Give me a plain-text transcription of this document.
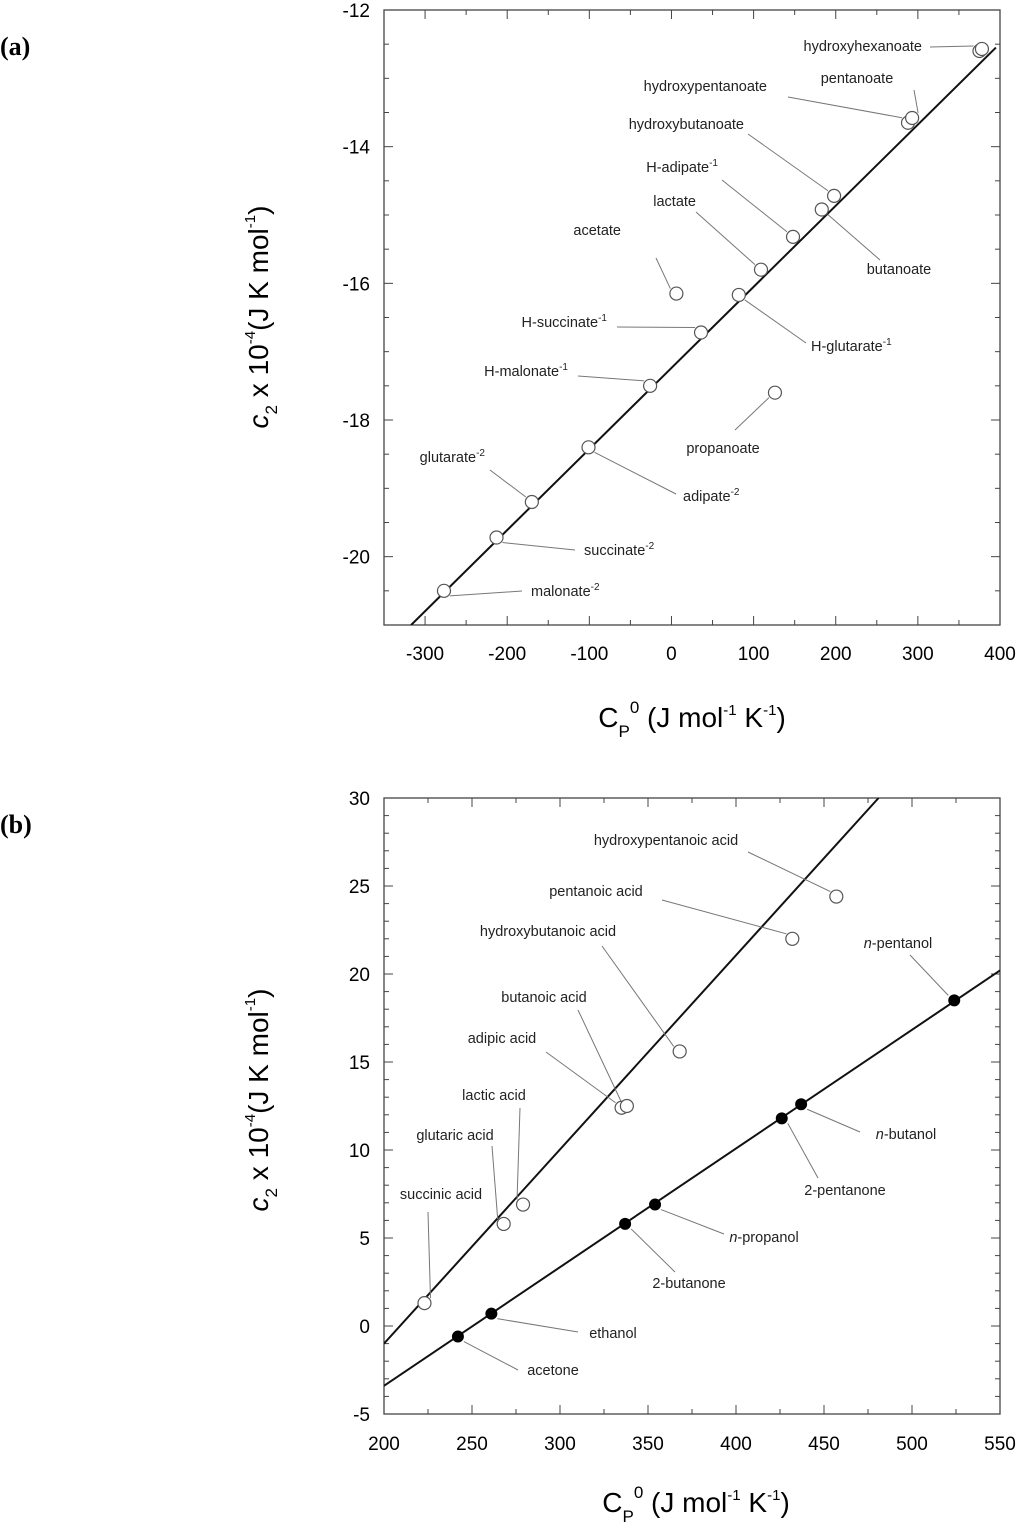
(a)
-300 -200 -100	0	100	200	300	400
-12
-14
-16
-18
-20
malonate$^{-2}$
succinate$^{-2}$
glutarate$^{-2}$
adipate$^{-2}$
H-malonate$^{-1}$
H-succinate$^{-1}$
H-glutarate$^{-1}$
acetate
propanoate
lactate
H-adipate$^{-1}$
butanoate
hydroxybutanoate
hydroxypentanoate	pentanoate
hydroxyhexanoate
$C_P^0$ (J mol$^{-1}$ $K^{-1}$)
$c_2$ x $10^{-4}(J$ K mol$^{-1}$)
(b)
200	250	300	350	400	450	500	550
-5
0
5
10
15
20
25
30
succinic acid
glutaric acid
lactic acid
adipic acid
butanoic acid
hydroxybutanoic acid
pentanoic acid
hydroxypentanoic acid
acetone
ethanol
2-butanone
n-propanol
2-pentanone
n-butanol
n-pentanol
$C_P^0$ (J mol$^{-1}$ $K^{-1}$)
$c_2$ x $10^{-4}(J$ K mol$^{-1}$)
